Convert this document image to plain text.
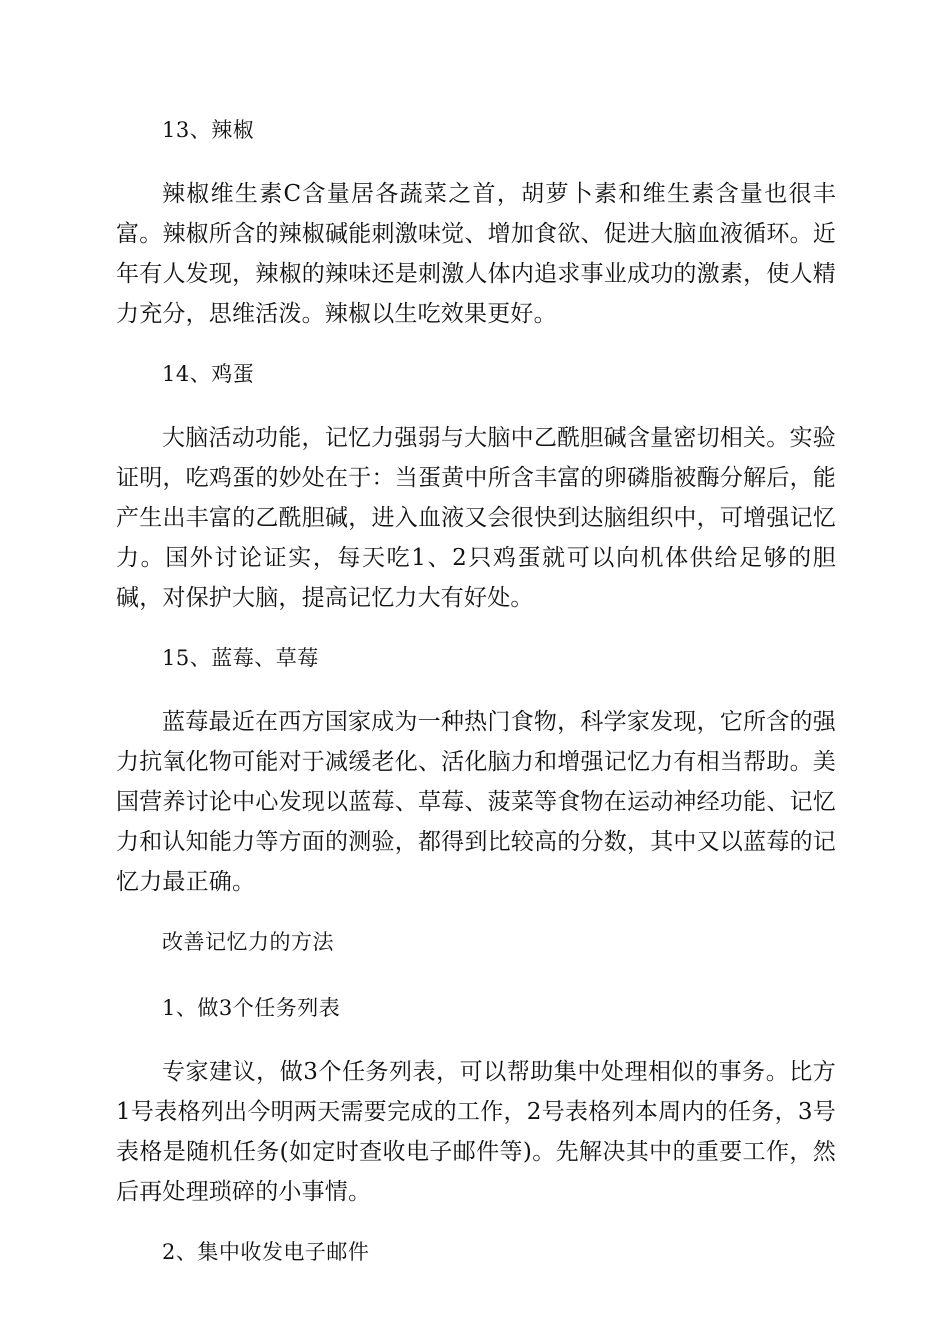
13、辣椒

辣椒维生素C含量居各蔬菜之首，胡萝卜素和维生素含量也很丰富。辣椒所含的辣椒碱能刺激味觉、增加食欲、促进大脑血液循环。近年有人发现，辣椒的辣味还是刺激人体内追求事业成功的激素，使人精力充分，思维活泼。辣椒以生吃效果更好。

14、鸡蛋

大脑活动功能，记忆力强弱与大脑中乙酰胆碱含量密切相关。实验证明，吃鸡蛋的妙处在于：当蛋黄中所含丰富的卵磷脂被酶分解后，能产生出丰富的乙酰胆碱，进入血液又会很快到达脑组织中，可增强记忆力。国外讨论证实，每天吃1、2只鸡蛋就可以向机体供给足够的胆碱，对保护大脑，提高记忆力大有好处。

15、蓝莓、草莓

蓝莓最近在西方国家成为一种热门食物，科学家发现，它所含的强力抗氧化物可能对于减缓老化、活化脑力和增强记忆力有相当帮助。美国营养讨论中心发现以蓝莓、草莓、菠菜等食物在运动神经功能、记忆力和认知能力等方面的测验，都得到比较高的分数，其中又以蓝莓的记忆力最正确。

改善记忆力的方法

1、做3个任务列表

专家建议，做3个任务列表，可以帮助集中处理相似的事务。比方1号表格列出今明两天需要完成的工作，2号表格列本周内的任务，3号表格是随机任务(如定时查收电子邮件等)。先解决其中的重要工作，然后再处理琐碎的小事情。

2、集中收发电子邮件
